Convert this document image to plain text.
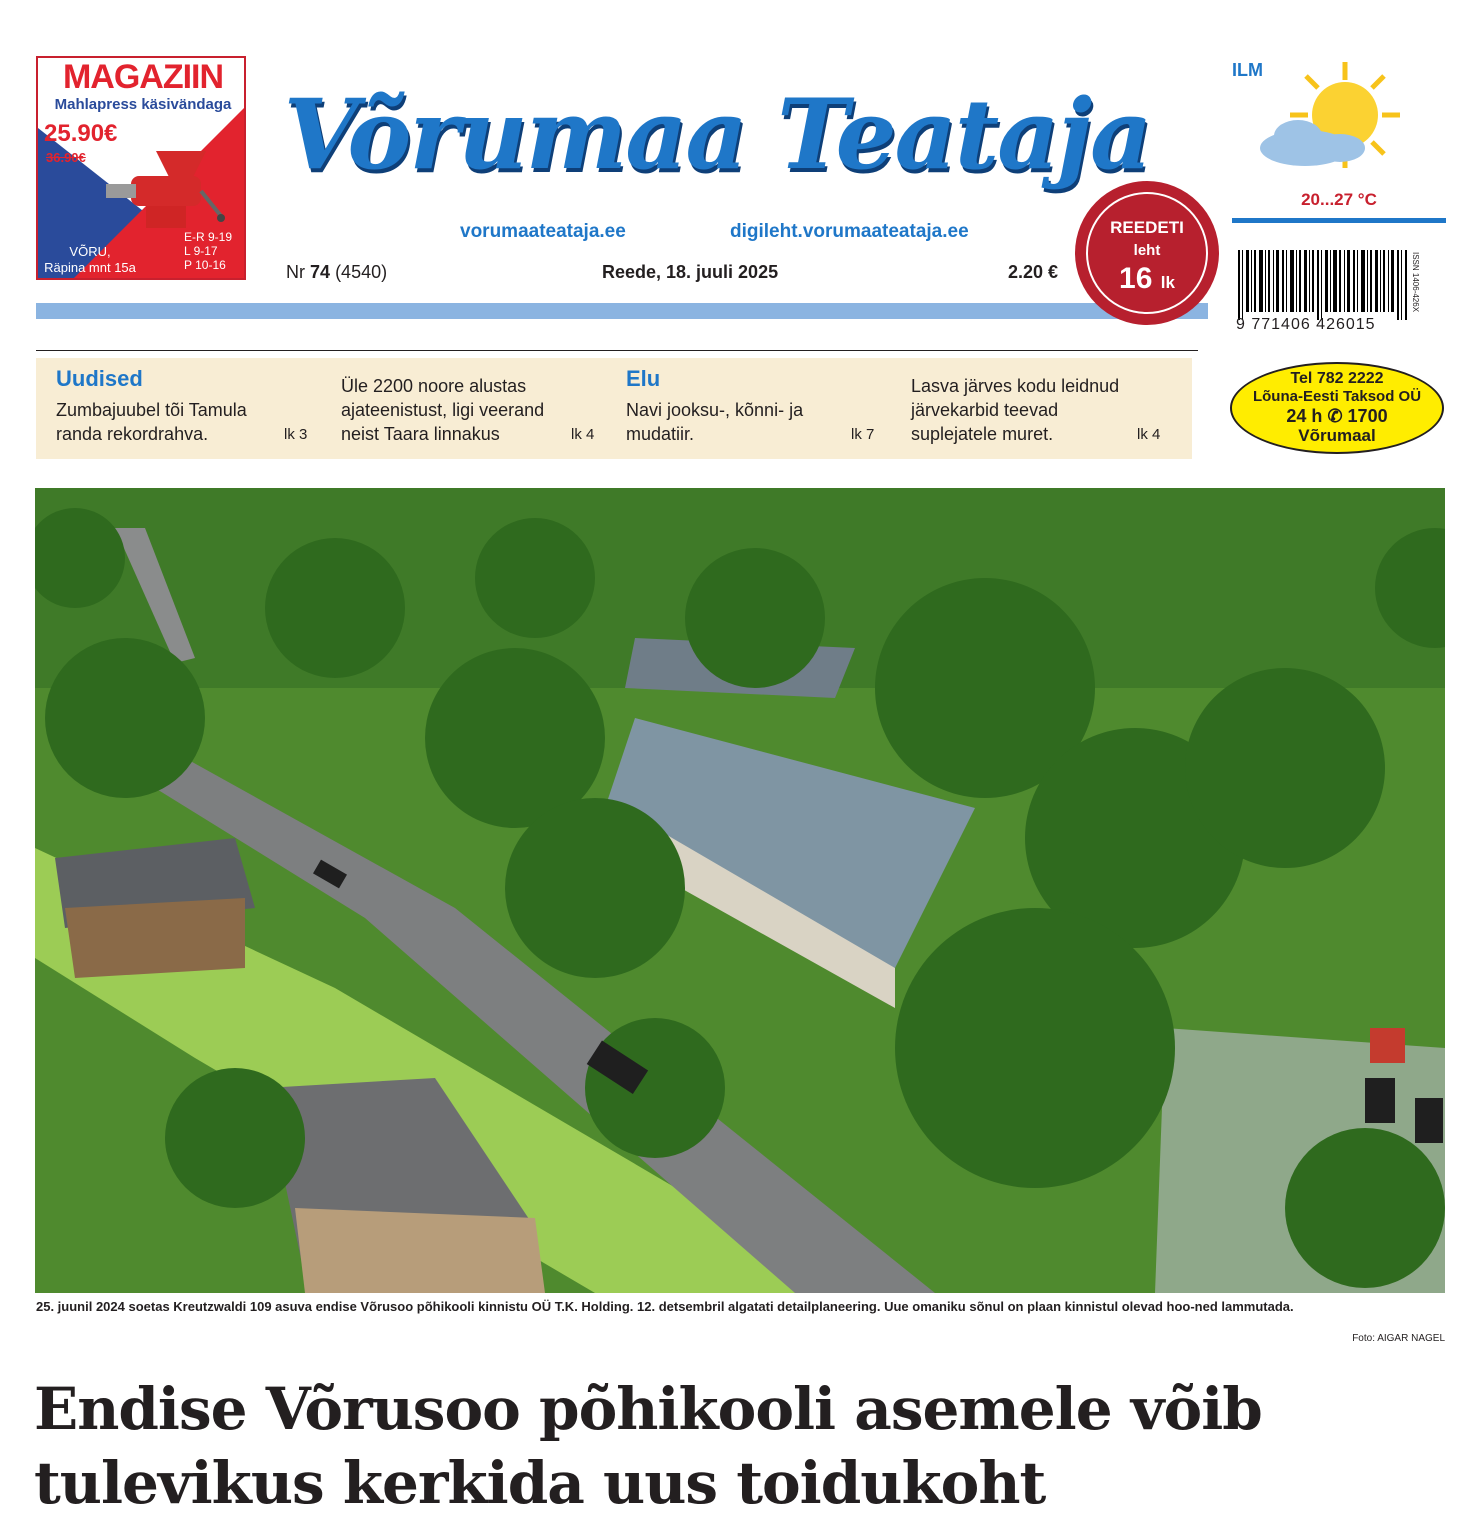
MAGAZIIN
Mahlapress käsivändaga
25.90€
36.90€
VÕRU,
Räpina mnt 15a
E-R 9-19
L 9-17
P 10-16
Võrumaa Teataja
vorumaateataja.ee	digileht.vorumaateataja.ee
Nr 74 (4540)	Reede, 18. juuli 2025	2.20 €
REEDETI
leht
16 lk
ILM
20...27 °C
9 771406 426015
ISSN 1406-426X
Uudised
Zumbajuubel tõi Tamula
randa rekordrahva.	lk 3
Üle 2200 noore alustas
ajateenistust, ligi veerand
neist Taara linnakus	lk 4
Elu
Navi jooksu-, kõnni- ja
mudatiir.	lk 7
Lasva järves kodu leidnud
järvekarbid teevad
suplejatele muret.	lk 4
Tel 782 2222
Lõuna-Eesti Taksod OÜ
24 h ✆ 1700
Võrumaal
25. juunil 2024 soetas Kreutzwaldi 109 asuva endise Võrusoo põhikooli kinnistu OÜ T.K. Holding. 12. detsembril algatati detailplaneering. Uue omaniku sõnul on plaan kinnistul olevad hoo-ned lammutada.
Foto: AIGAR NAGEL
Endise Võrusoo põhikooli asemele võib
tulevikus kerkida uus toidukoht
